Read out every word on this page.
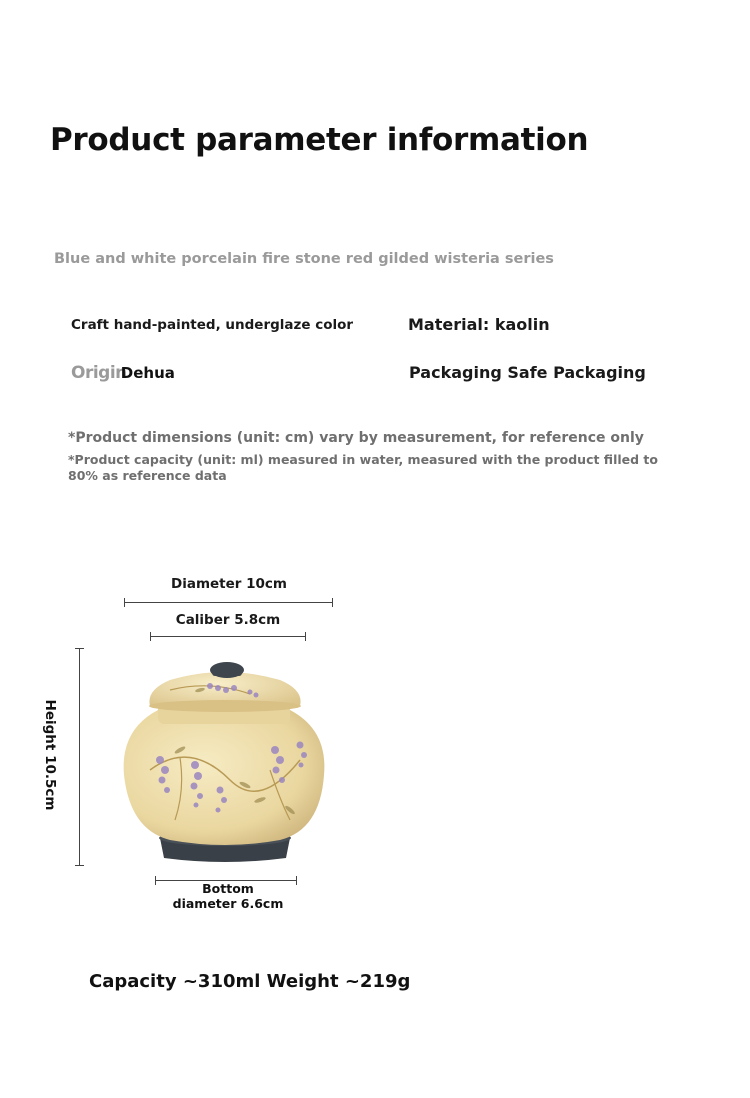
Product parameter information
Blue and white porcelain fire stone red gilded wisteria series
Craft hand-painted, underglaze color	Material: kaolin
OriginDehua	Packaging Safe Packaging
*Product dimensions (unit: cm) vary by measurement, for reference only
*Product capacity (unit: ml) measured in water, measured with the product filled to 80% as reference data
Diameter 10cm
Caliber 5.8cm
Height 10.5cm
Bottom
diameter 6.6cm
Capacity ~310ml Weight ~219g
